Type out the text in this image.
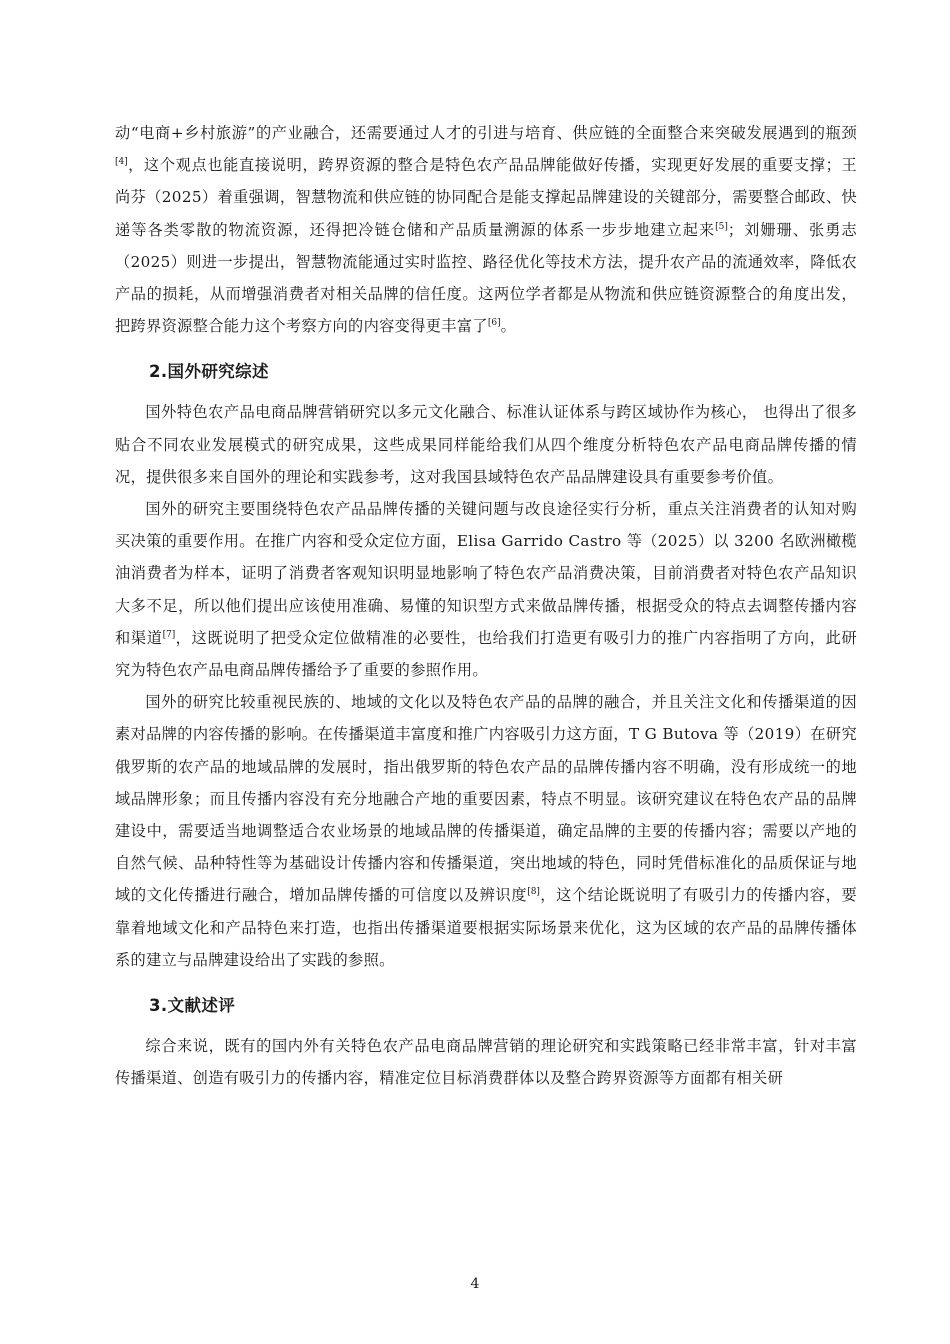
动“电商+乡村旅游”的产业融合，还需要通过人才的引进与培育、供应链的全面整合来突破发展遇到的瓶颈[4]，这个观点也能直接说明，跨界资源的整合是特色农产品品牌能做好传播，实现更好发展的重要支撑；王尚芬（2025）着重强调，智慧物流和供应链的协同配合是能支撑起品牌建设的关键部分，需要整合邮政、快递等各类零散的物流资源，还得把冷链仓储和产品质量溯源的体系一步步地建立起来[5]；刘姗珊、张勇志（2025）则进一步提出，智慧物流能通过实时监控、路径优化等技术方法，提升农产品的流通效率，降低农产品的损耗，从而增强消费者对相关品牌的信任度。这两位学者都是从物流和供应链资源整合的角度出发，把跨界资源整合能力这个考察方向的内容变得更丰富了[6]。

2.国外研究综述

国外特色农产品电商品牌营销研究以多元文化融合、标准认证体系与跨区域协作为核心， 也得出了很多贴合不同农业发展模式的研究成果，这些成果同样能给我们从四个维度分析特色农产品电商品牌传播的情况，提供很多来自国外的理论和实践参考，这对我国县域特色农产品品牌建设具有重要参考价值。

国外的研究主要围绕特色农产品品牌传播的关键问题与改良途径实行分析，重点关注消费者的认知对购买决策的重要作用。在推广内容和受众定位方面，Elisa Garrido Castro 等（2025）以 3200 名欧洲橄榄油消费者为样本，证明了消费者客观知识明显地影响了特色农产品消费决策，目前消费者对特色农产品知识大多不足，所以他们提出应该使用准确、易懂的知识型方式来做品牌传播，根据受众的特点去调整传播内容和渠道[7]，这既说明了把受众定位做精准的必要性，也给我们打造更有吸引力的推广内容指明了方向，此研究为特色农产品电商品牌传播给予了重要的参照作用。

国外的研究比较重视民族的、地域的文化以及特色农产品的品牌的融合，并且关注文化和传播渠道的因素对品牌的内容传播的影响。在传播渠道丰富度和推广内容吸引力这方面，T G Butova 等（2019）在研究俄罗斯的农产品的地域品牌的发展时，指出俄罗斯的特色农产品的品牌传播内容不明确，没有形成统一的地域品牌形象；而且传播内容没有充分地融合产地的重要因素，特点不明显。该研究建议在特色农产品的品牌建设中，需要适当地调整适合农业场景的地域品牌的传播渠道，确定品牌的主要的传播内容；需要以产地的自然气候、品种特性等为基础设计传播内容和传播渠道，突出地域的特色，同时凭借标准化的品质保证与地域的文化传播进行融合，增加品牌传播的可信度以及辨识度[8]，这个结论既说明了有吸引力的传播内容，要靠着地域文化和产品特色来打造，也指出传播渠道要根据实际场景来优化，这为区域的农产品的品牌传播体系的建立与品牌建设给出了实践的参照。

3.文献述评

综合来说，既有的国内外有关特色农产品电商品牌营销的理论研究和实践策略已经非常丰富，针对丰富传播渠道、创造有吸引力的传播内容，精准定位目标消费群体以及整合跨界资源等方面都有相关研

4
